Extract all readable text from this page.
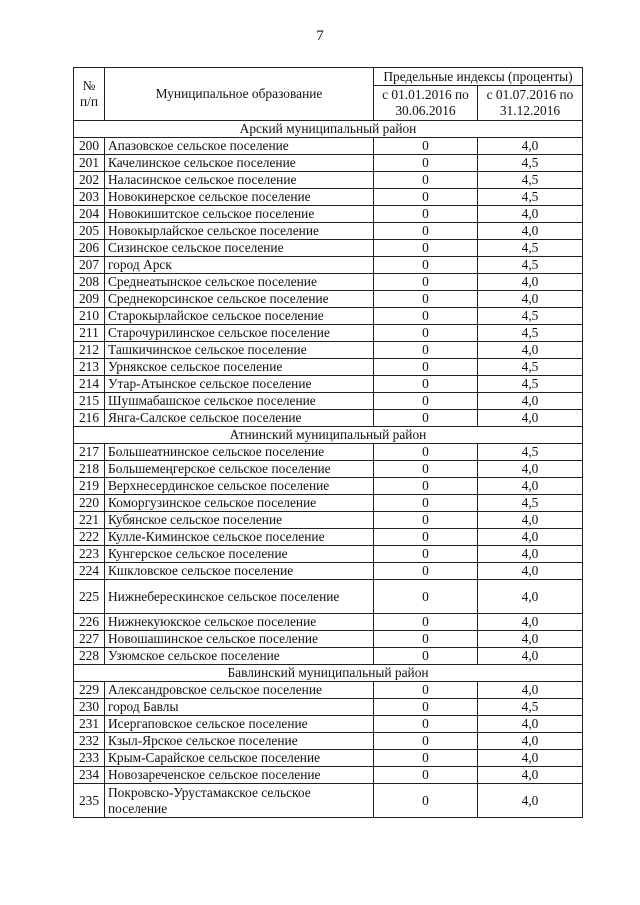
7
№ п/п	Муниципальное образование	Предельные индексы (проценты)	
		с 01.01.2016 по 30.06.2016	с 01.07.2016 по 31.12.2016
Арский муниципальный район			
200	Апазовское сельское поселение	0	4,0
201	Качелинское сельское поселение	0	4,5
202	Наласинское сельское поселение	0	4,5
203	Новокинерское сельское поселение	0	4,5
204	Новокишитское сельское поселение	0	4,0
205	Новокырлайское сельское поселение	0	4,0
206	Сизинское сельское поселение	0	4,5
207	город Арск	0	4,5
208	Среднеатынское сельское поселение	0	4,0
209	Среднекорсинское сельское поселение	0	4,0
210	Старокырлайское сельское поселение	0	4,5
211	Старочурилинское сельское поселение	0	4,5
212	Ташкичинское сельское поселение	0	4,0
213	Урнякское сельское поселение	0	4,5
214	Утар-Атынское сельское поселение	0	4,5
215	Шушмабашское сельское поселение	0	4,0
216	Янга-Салское сельское поселение	0	4,0
Атнинский муниципальный район			
217	Большеатнинское сельское поселение	0	4,5
218	Большемеңгерское сельское поселение	0	4,0
219	Верхнесердинское сельское поселение	0	4,0
220	Коморгузинское сельское поселение	0	4,5
221	Кубянское сельское поселение	0	4,0
222	Кулле-Киминское сельское поселение	0	4,0
223	Кунгерское сельское поселение	0	4,0
224	Кшкловское сельское поселение	0	4,0
225	Нижнеберескинское сельское поселение	0	4,0
226	Нижнекуюкское сельское поселение	0	4,0
227	Новошашинское сельское поселение	0	4,0
228	Узюмское сельское поселение	0	4,0
Бавлинский муниципальный район			
229	Александровское сельское поселение	0	4,0
230	город Бавлы	0	4,5
231	Исергаповское сельское поселение	0	4,0
232	Кзыл-Ярское сельское поселение	0	4,0
233	Крым-Сарайское сельское поселение	0	4,0
234	Новозареченское сельское поселение	0	4,0
235	Покровско-Урустамакское сельское поселение	0	4,0
